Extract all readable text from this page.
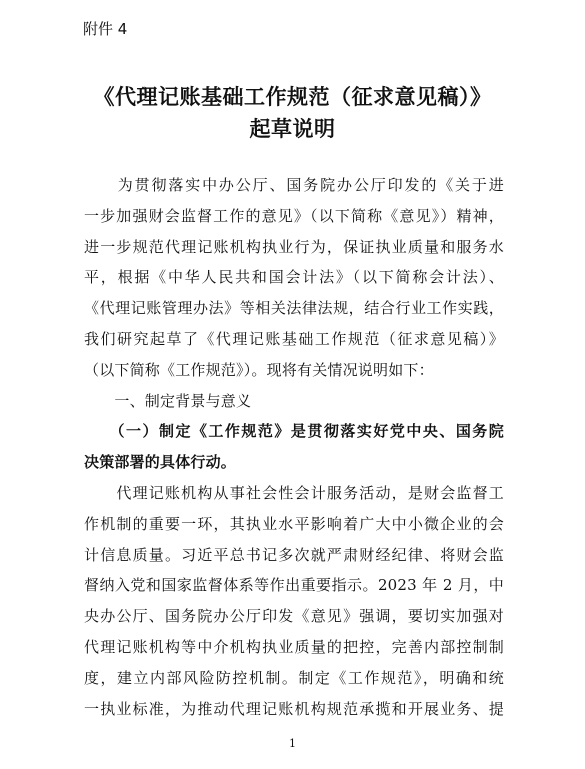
附件 4
《代理记账基础工作规范（征求意见稿）》
起草说明
　　为贯彻落实中办公厅、国务院办公厅印发的《关于进
一步加强财会监督工作的意见》（以下简称《意见》）精神，
进一步规范代理记账机构执业行为，保证执业质量和服务水
平，根据《中华人民共和国会计法》（以下简称会计法）、
《代理记账管理办法》等相关法律法规，结合行业工作实践，
我们研究起草了《代理记账基础工作规范（征求意见稿）》
（以下简称《工作规范》）。现将有关情况说明如下：
　　一、制定背景与意义
　　（一）制定《工作规范》是贯彻落实好党中央、国务院
决策部署的具体行动。
　　代理记账机构从事社会性会计服务活动，是财会监督工
作机制的重要一环，其执业水平影响着广大中小微企业的会
计信息质量。习近平总书记多次就严肃财经纪律、将财会监
督纳入党和国家监督体系等作出重要指示。2023 年 2 月，中
央办公厅、国务院办公厅印发《意见》强调，要切实加强对
代理记账机构等中介机构执业质量的把控，完善内部控制制
度，建立内部风险防控机制。制定《工作规范》，明确和统
一执业标准，为推动代理记账机构规范承揽和开展业务、提
1
